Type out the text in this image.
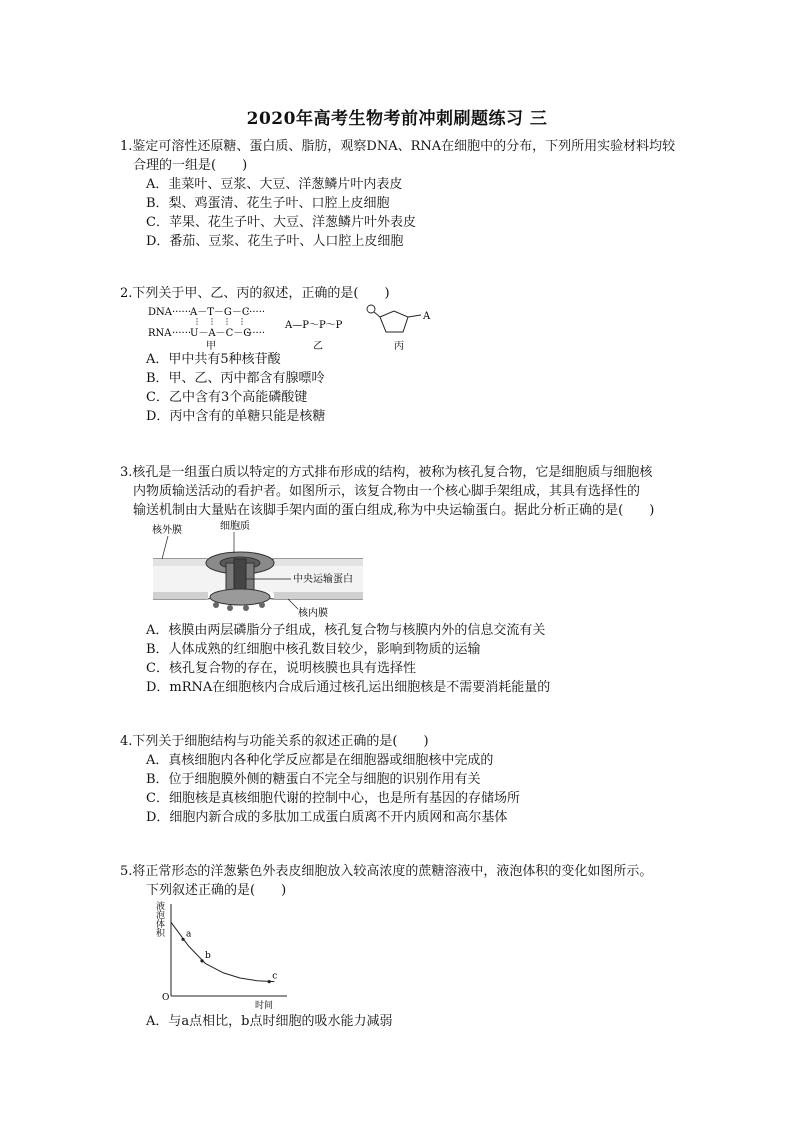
2020年高考生物考前冲刺刷题练习 三
1.鉴定可溶性还原糖、蛋白质、脂肪，观察DNA、RNA在细胞中的分布，下列所用实验材料均较
合理的一组是(　　)
A．韭菜叶、豆浆、大豆、洋葱鳞片叶内表皮
B．梨、鸡蛋清、花生子叶、口腔上皮细胞
C．苹果、花生子叶、大豆、洋葱鳞片叶外表皮
D．番茄、豆浆、花生子叶、人口腔上皮细胞
2.下列关于甲、乙、丙的叙述，正确的是(　　)
DNA ······
A－T－G－C
······
RNA ······
U－A－C－G
······
甲
A—P～P～P
乙
A
丙
A．甲中共有5种核苷酸
B．甲、乙、丙中都含有腺嘌呤
C．乙中含有3个高能磷酸键
D．丙中含有的单糖只能是核糖
3.核孔是一组蛋白质以特定的方式排布形成的结构，被称为核孔复合物，它是细胞质与细胞核
内物质输送活动的看护者。如图所示，该复合物由一个核心脚手架组成，其具有选择性的
输送机制由大量贴在该脚手架内面的蛋白组成,称为中央运输蛋白。据此分析正确的是(　　)
核外膜	细胞质
中央运输蛋白
核内膜
A．核膜由两层磷脂分子组成，核孔复合物与核膜内外的信息交流有关
B．人体成熟的红细胞中核孔数目较少，影响到物质的运输
C．核孔复合物的存在，说明核膜也具有选择性
D．mRNA在细胞核内合成后通过核孔运出细胞核是不需要消耗能量的
4.下列关于细胞结构与功能关系的叙述正确的是(　　)
A．真核细胞内各种化学反应都是在细胞器或细胞核中完成的
B．位于细胞膜外侧的糖蛋白不完全与细胞的识别作用有关
C．细胞核是真核细胞代谢的控制中心，也是所有基因的存储场所
D．细胞内新合成的多肽加工成蛋白质离不开内质网和高尔基体
5.将正常形态的洋葱紫色外表皮细胞放入较高浓度的蔗糖溶液中，液泡体积的变化如图所示。
下列叙述正确的是(　　)
液
泡
体
积
O
时间
a
b
c
A．与a点相比，b点时细胞的吸水能力减弱
